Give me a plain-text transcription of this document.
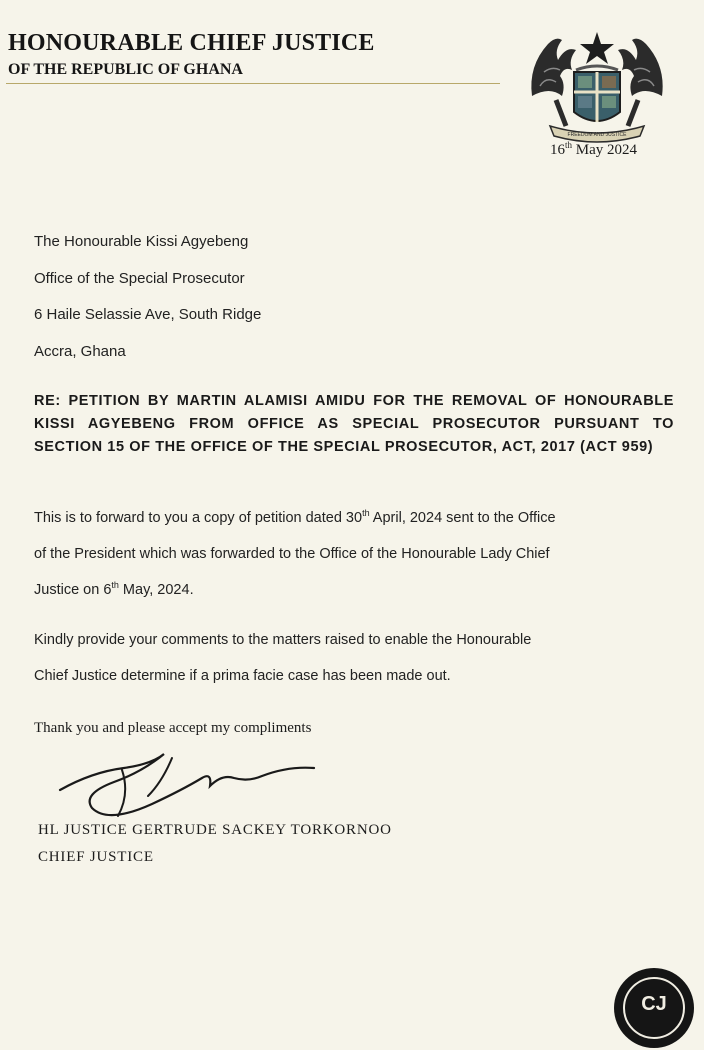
HONOURABLE CHIEF JUSTICE
OF THE REPUBLIC OF GHANA
FREEDOM AND JUSTICE
16th May 2024
The Honourable Kissi Agyebeng
Office of the Special Prosecutor
6 Haile Selassie Ave, South Ridge
Accra, Ghana
RE: PETITION BY MARTIN ALAMISI AMIDU FOR THE REMOVAL OF HONOURABLE KISSI AGYEBENG FROM OFFICE AS SPECIAL PROSECUTOR PURSUANT TO SECTION 15 OF THE OFFICE OF THE SPECIAL PROSECUTOR, ACT, 2017 (ACT 959)
This is to forward to you a copy of petition dated 30th April, 2024 sent to the Office
of the President which was forwarded to the Office of the Honourable Lady Chief
Justice on 6th May, 2024.
Kindly provide your comments to the matters raised to enable the Honourable
Chief Justice determine if a prima facie case has been made out.
Thank you and please accept my compliments
HL JUSTICE GERTRUDE SACKEY TORKORNOO
CHIEF JUSTICE
CJ
